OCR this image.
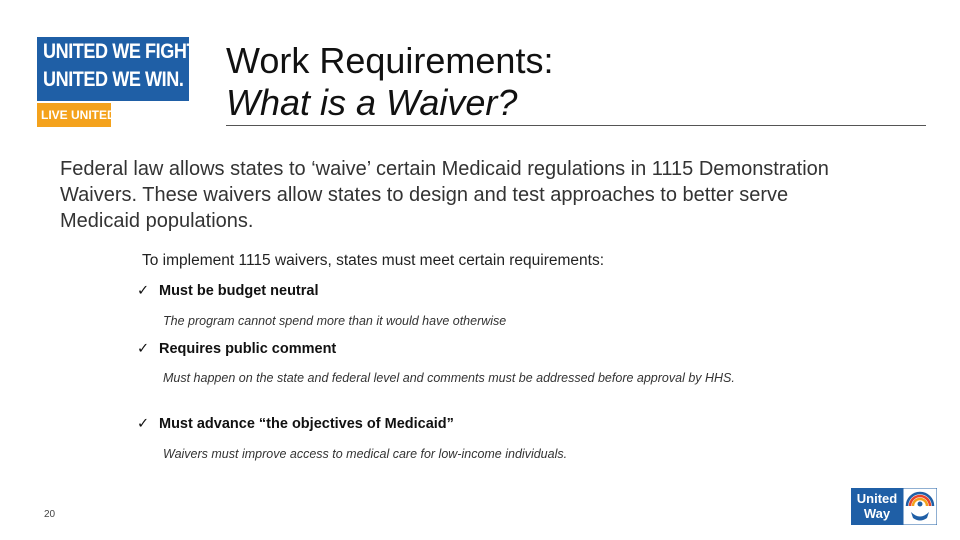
UNITED WE FIGHT.
UNITED WE WIN.
LIVE UNITED
Work Requirements:
What is a Waiver?
Federal law allows states to ‘waive’ certain Medicaid regulations in 1115 Demonstration Waivers. These waivers allow states to design and test approaches to better serve Medicaid populations.
To implement 1115 waivers, states must meet certain requirements:
✓ Must be budget neutral
The program cannot spend more than it would have otherwise
✓ Requires public comment
Must happen on the state and federal level and comments must be addressed before approval by HHS.
✓ Must advance “the objectives of Medicaid”
Waivers must improve access to medical care for low-income individuals.
20
United
Way
